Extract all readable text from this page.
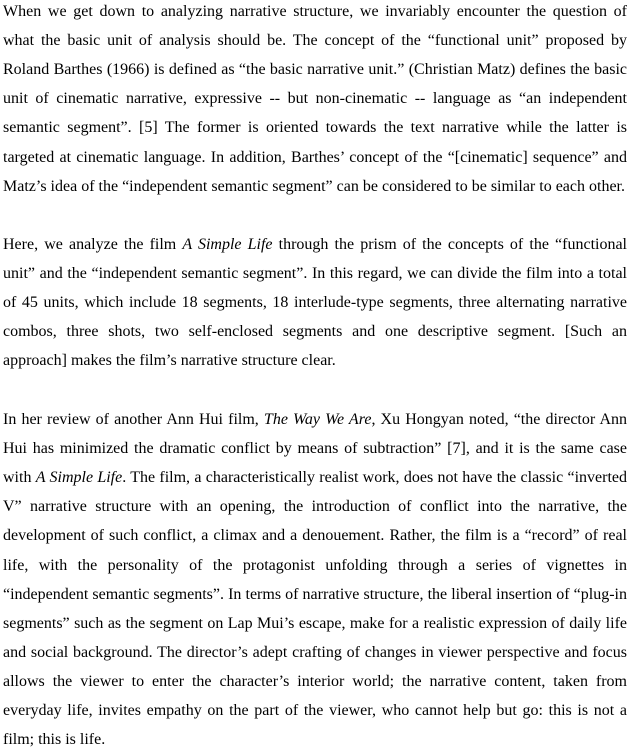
When we get down to analyzing narrative structure, we invariably encounter the question of
what the basic unit of analysis should be. The concept of the “functional unit” proposed by
Roland Barthes (1966) is defined as “the basic narrative unit.” (Christian Matz) defines the basic
unit of cinematic narrative, expressive -- but non-cinematic -- language as “an independent
semantic segment”. [5] The former is oriented towards the text narrative while the latter is
targeted at cinematic language. In addition, Barthes’ concept of the “[cinematic] sequence” and
Matz’s idea of the “independent semantic segment” can be considered to be similar to each other.
Here, we analyze the film A Simple Life through the prism of the concepts of the “functional
unit” and the “independent semantic segment”. In this regard, we can divide the film into a total
of 45 units, which include 18 segments, 18 interlude-type segments, three alternating narrative
combos, three shots, two self-enclosed segments and one descriptive segment. [Such an
approach] makes the film’s narrative structure clear.
In her review of another Ann Hui film, The Way We Are, Xu Hongyan noted, “the director Ann
Hui has minimized the dramatic conflict by means of subtraction” [7], and it is the same case
with A Simple Life. The film, a characteristically realist work, does not have the classic “inverted
V” narrative structure with an opening, the introduction of conflict into the narrative, the
development of such conflict, a climax and a denouement. Rather, the film is a “record” of real
life, with the personality of the protagonist unfolding through a series of vignettes in
“independent semantic segments”. In terms of narrative structure, the liberal insertion of “plug-in
segments” such as the segment on Lap Mui’s escape, make for a realistic expression of daily life
and social background. The director’s adept crafting of changes in viewer perspective and focus
allows the viewer to enter the character’s interior world; the narrative content, taken from
everyday life, invites empathy on the part of the viewer, who cannot help but go: this is not a
film; this is life.
